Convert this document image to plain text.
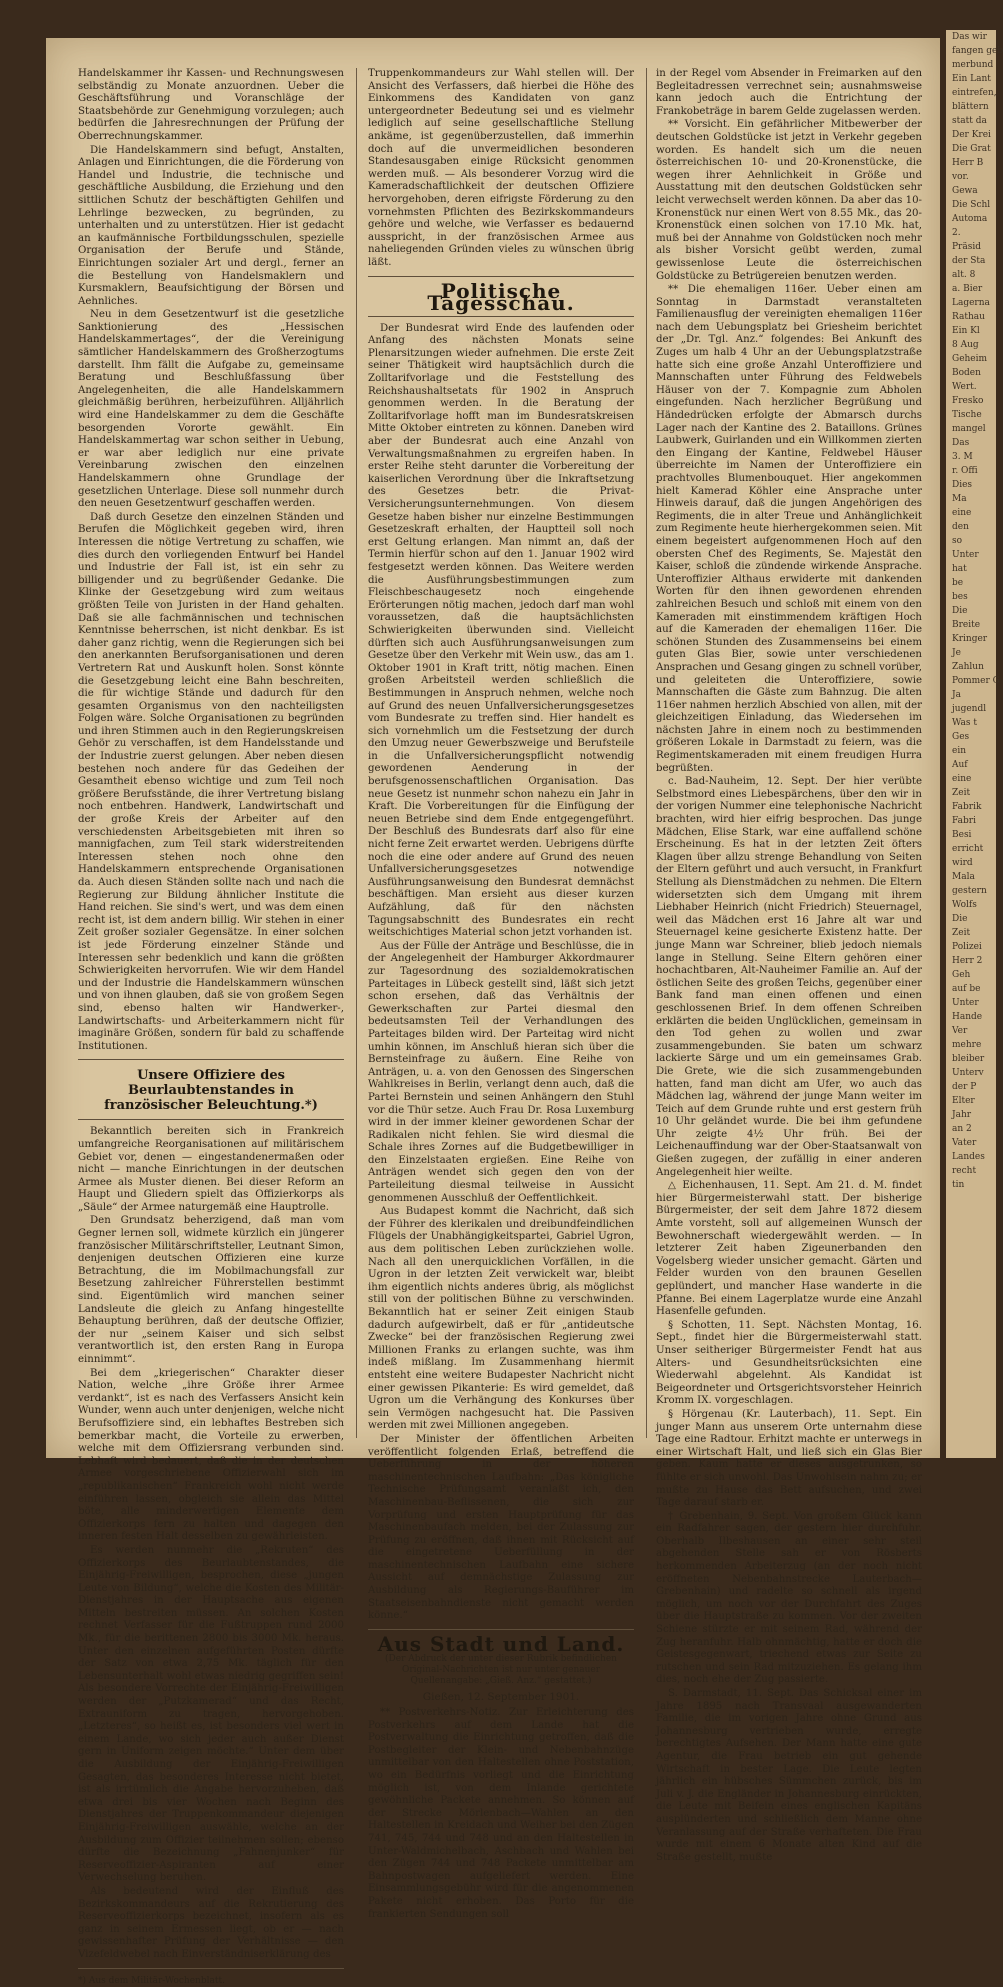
Handelskammer ihr Kassen- und Rechnungswesen selbständig zu Monate anzuordnen. Ueber die Geschäftsführung und Voranschläge der Staatsbehörde zur Genehmigung vorzulegen; auch bedürfen die Jahresrechnungen der Prüfung der Oberrechnungskammer.

Die Handelskammern sind befugt, Anstalten, Anlagen und Einrichtungen, die die Förderung von Handel und Industrie, die technische und geschäftliche Ausbildung, die Erziehung und den sittlichen Schutz der beschäftigten Gehilfen und Lehrlinge bezwecken, zu begründen, zu unterhalten und zu unterstützen. Hier ist gedacht an kaufmännische Fortbildungsschulen, spezielle Organisation der Berufe und Stände, Einrichtungen sozialer Art und dergl., ferner an die Bestellung von Handelsmaklern und Kursmaklern, Beaufsichtigung der Börsen und Aehnliches.

Neu in dem Gesetzentwurf ist die gesetzliche Sanktionierung des „Hessischen Handelskammertages“, der die Vereinigung sämtlicher Handelskammern des Großherzogtums darstellt. Ihm fällt die Aufgabe zu, gemeinsame Beratung und Beschlußfassung über Angelegenheiten, die alle Handelskammern gleichmäßig berühren, herbeizuführen. Alljährlich wird eine Handelskammer zu dem die Geschäfte besorgenden Vororte gewählt. Ein Handelskammertag war schon seither in Uebung, er war aber lediglich nur eine private Vereinbarung zwischen den einzelnen Handelskammern ohne Grundlage der gesetzlichen Unterlage. Diese soll nunmehr durch den neuen Gesetzentwurf geschaffen werden.

Daß durch Gesetze den einzelnen Ständen und Berufen die Möglichkeit gegeben wird, ihren Interessen die nötige Vertretung zu schaffen, wie dies durch den vorliegenden Entwurf bei Handel und Industrie der Fall ist, ist ein sehr zu billigender und zu begrüßender Gedanke. Die Klinke der Gesetzgebung wird zum weitaus größten Teile von Juristen in der Hand gehalten. Daß sie alle fachmännischen und technischen Kenntnisse beherrschen, ist nicht denkbar. Es ist daher ganz richtig, wenn die Regierungen sich bei den anerkannten Berufsorganisationen und deren Vertretern Rat und Auskunft holen. Sonst könnte die Gesetzgebung leicht eine Bahn beschreiten, die für wichtige Stände und dadurch für den gesamten Organismus von den nachteiligsten Folgen wäre. Solche Organisationen zu begründen und ihren Stimmen auch in den Regierungskreisen Gehör zu verschaffen, ist dem Handelsstande und der Industrie zuerst gelungen. Aber neben diesen bestehen noch andere für das Gedeihen der Gesamtheit ebenso wichtige und zum Teil noch größere Berufsstände, die ihrer Vertretung bislang noch entbehren. Handwerk, Landwirtschaft und der große Kreis der Arbeiter auf den verschiedensten Arbeitsgebieten mit ihren so mannigfachen, zum Teil stark widerstreitenden Interessen stehen noch ohne den Handelskammern entsprechende Organisationen da. Auch diesen Ständen sollte nach und nach die Regierung zur Bildung ähnlicher Institute die Hand reichen. Sie sind's wert, und was dem einen recht ist, ist dem andern billig. Wir stehen in einer Zeit großer sozialer Gegensätze. In einer solchen ist jede Förderung einzelner Stände und Interessen sehr bedenklich und kann die größten Schwierigkeiten hervorrufen. Wie wir dem Handel und der Industrie die Handelskammern wünschen und von ihnen glauben, daß sie von großem Segen sind, ebenso halten wir Handwerker-, Landwirtschafts- und Arbeiterkammern nicht für imaginäre Größen, sondern für bald zu schaffende Institutionen.

Unsere Offiziere des Beurlaubtenstandes in französischer Beleuchtung.*)

Bekanntlich bereiten sich in Frankreich umfangreiche Reorganisationen auf militärischem Gebiet vor, denen — eingestandenermaßen oder nicht — manche Einrichtungen in der deutschen Armee als Muster dienen. Bei dieser Reform an Haupt und Gliedern spielt das Offizierkorps als „Säule“ der Armee naturgemäß eine Hauptrolle.

Den Grundsatz beherzigend, daß man vom Gegner lernen soll, widmete kürzlich ein jüngerer französischer Militärschriftsteller, Leutnant Simon, denjenigen deutschen Offizieren eine kurze Betrachtung, die im Mobilmachungsfall zur Besetzung zahlreicher Führerstellen bestimmt sind. Eigentümlich wird manchen seiner Landsleute die gleich zu Anfang hingestellte Behauptung berühren, daß der deutsche Offizier, der nur „seinem Kaiser und sich selbst verantwortlich ist, den ersten Rang in Europa einnimmt“.

Bei dem „kriegerischen“ Charakter dieser Nation, welche „ihre Größe ihrer Armee verdankt“, ist es nach des Verfassers Ansicht kein Wunder, wenn auch unter denjenigen, welche nicht Berufsoffiziere sind, ein lebhaftes Bestreben sich bemerkbar macht, die Vorteile zu erwerben, welche mit dem Offiziersrang verbunden sind. Lebhaft wird bedauert, daß die in der deutschen Armee vorgeschriebene Offizierwahl sich im „republikanischen“ Frankreich wohl nicht werde einführen lassen, obgleich sie allein das Mittel böte, alle minderwertigen Elemente dem Offizierkorps fern zu halten und dagegen den inneren festen Halt desselben zu gewährleisten.

Es werden nunmehr die „Rekruten“ des Offizierkorps des Beurlaubtenstandes, die Einjährig-Freiwilligen, besprochen, diese „jungen Leute von Bildung“, welche die Kosten des Militär-Dienstjahres in der Hauptsache aus eigenen Mitteln bestreiten müssen. An solchen Kosten rechnet Verfasser für die Fußtruppen rund 2000 Mk., für die berittenen 2800 bis 3000 Mk. heraus. Unter den einzelnen aufgeführten Posten dürfte der Satz von etwa 2,75 Mk. täglich für den Lebensunterhalt wohl etwas niedrig gegriffen sein! Als besondere Vorrechte der Einjährig-Freiwilligen werden der „Putzkamerad“ und das Recht, Extrauniform zu tragen, hervorgehoben. „Letzteres“, so heißt es, ist besonders viel wert in einem Lande, wo sich jeder auch außer Dienst gern in Uniform zeigen möchte.“ Unter dem über die Ausbildung der Einjährig-Freiwilligen Gesagten, das besonderes Interesse nicht bietet, ist als irrtümlich die Angabe hervorzuheben, daß etwa drei bis vier Wochen nach Beginn des Dienstjahres der Truppenkommandeur diejenigen Einjährig-Freiwilligen auswähle, welche an der Ausbildung zum Offizier teilnehmen sollen; ebenso dürfte die Bezeichnung „Fahnenjunker“ für Reserveoffizier-Aspiranten auf einer Verwechselung beruhen.

Als bedeutend wird der Einfluß des Bezirkskommandeurs auf die Rekrutierung des Reserveoffizierkorps bezeichnet, insofern als es ganz in seinem Ermessen liegt, ob er — nach gewissenhafter Prüfung der Verhältnisse — den Vizefeldwebel nach Einverständniserklärung des

*) Aus dem Militär-Wochenblatt.

Truppenkommandeurs zur Wahl stellen will. Der Ansicht des Verfassers, daß hierbei die Höhe des Einkommens des Kandidaten von ganz untergeordneter Bedeutung sei und es vielmehr lediglich auf seine gesellschaftliche Stellung ankäme, ist gegenüberzustellen, daß immerhin doch auf die unvermeidlichen besonderen Standesausgaben einige Rücksicht genommen werden muß. — Als besonderer Vorzug wird die Kameradschaftlichkeit der deutschen Offiziere hervorgehoben, deren eifrigste Förderung zu den vornehmsten Pflichten des Bezirkskommandeurs gehöre und welche, wie Verfasser es bedauernd ausspricht, in der französischen Armee aus naheliegenden Gründen vieles zu wünschen übrig läßt.

Politische Tagesschau.

Der Bundesrat wird Ende des laufenden oder Anfang des nächsten Monats seine Plenarsitzungen wieder aufnehmen. Die erste Zeit seiner Thätigkeit wird hauptsächlich durch die Zolltarifvorlage und die Feststellung des Reichshaushaltsetats für 1902 in Anspruch genommen werden. In die Beratung der Zolltarifvorlage hofft man im Bundesratskreisen Mitte Oktober eintreten zu können. Daneben wird aber der Bundesrat auch eine Anzahl von Verwaltungsmaßnahmen zu ergreifen haben. In erster Reihe steht darunter die Vorbereitung der kaiserlichen Verordnung über die Inkraftsetzung des Gesetzes betr. die Privat-Versicherungsunternehmungen. Von diesem Gesetze haben bisher nur einzelne Bestimmungen Gesetzeskraft erhalten, der Hauptteil soll noch erst Geltung erlangen. Man nimmt an, daß der Termin hierfür schon auf den 1. Januar 1902 wird festgesetzt werden können. Das Weitere werden die Ausführungsbestimmungen zum Fleischbeschaugesetz noch eingehende Erörterungen nötig machen, jedoch darf man wohl voraussetzen, daß die hauptsächlichsten Schwierigkeiten überwunden sind. Vielleicht dürften sich auch Ausführungsanweisungen zum Gesetze über den Verkehr mit Wein usw., das am 1. Oktober 1901 in Kraft tritt, nötig machen. Einen großen Arbeitsteil werden schließlich die Bestimmungen in Anspruch nehmen, welche noch auf Grund des neuen Unfallversicherungsgesetzes vom Bundesrate zu treffen sind. Hier handelt es sich vornehmlich um die Festsetzung der durch den Umzug neuer Gewerbszweige und Berufsteile in die Unfallversicherungspflicht notwendig gewordenen Aenderung in der berufsgenossenschaftlichen Organisation. Das neue Gesetz ist nunmehr schon nahezu ein Jahr in Kraft. Die Vorbereitungen für die Einfügung der neuen Betriebe sind dem Ende entgegengeführt. Der Beschluß des Bundesrats darf also für eine nicht ferne Zeit erwartet werden. Uebrigens dürfte noch die eine oder andere auf Grund des neuen Unfallversicherungsgesetzes notwendige Ausführungsanweisung den Bundesrat demnächst beschäftigen. Man ersieht aus dieser kurzen Aufzählung, daß für den nächsten Tagungsabschnitt des Bundesrates ein recht weitschichtiges Material schon jetzt vorhanden ist.

Aus der Fülle der Anträge und Beschlüsse, die in der Angelegenheit der Hamburger Akkordmaurer zur Tagesordnung des sozialdemokratischen Parteitages in Lübeck gestellt sind, läßt sich jetzt schon ersehen, daß das Verhältnis der Gewerkschaften zur Partei diesmal den bedeutsamsten Teil der Verhandlungen des Parteitages bilden wird. Der Parteitag wird nicht umhin können, im Anschluß hieran sich über die Bernsteinfrage zu äußern. Eine Reihe von Anträgen, u. a. von den Genossen des Singerschen Wahlkreises in Berlin, verlangt denn auch, daß die Partei Bernstein und seinen Anhängern den Stuhl vor die Thür setze. Auch Frau Dr. Rosa Luxemburg wird in der immer kleiner gewordenen Schar der Radikalen nicht fehlen. Sie wird diesmal die Schale ihres Zornes auf die Budgetbewilliger in den Einzelstaaten ergießen. Eine Reihe von Anträgen wendet sich gegen den von der Parteileitung diesmal teilweise in Aussicht genommenen Ausschluß der Oeffentlichkeit.

Aus Budapest kommt die Nachricht, daß sich der Führer des klerikalen und dreibundfeindlichen Flügels der Unabhängigkeitspartei, Gabriel Ugron, aus dem politischen Leben zurückziehen wolle. Nach all den unerquicklichen Vorfällen, in die Ugron in der letzten Zeit verwickelt war, bleibt ihm eigentlich nichts anderes übrig, als möglichst still von der politischen Bühne zu verschwinden. Bekanntlich hat er seiner Zeit einigen Staub dadurch aufgewirbelt, daß er für „antideutsche Zwecke“ bei der französischen Regierung zwei Millionen Franks zu erlangen suchte, was ihm indeß mißlang. Im Zusammenhang hiermit entsteht eine weitere Budapester Nachricht nicht einer gewissen Pikanterie: Es wird gemeldet, daß Ugron um die Verhängung des Konkurses über sein Vermögen nachgesucht hat. Die Passiven werden mit zwei Millionen angegeben.

Der Minister der öffentlichen Arbeiten veröffentlicht folgenden Erlaß, betreffend die Ueberführung in der höheren maschinentechnischen Laufbahn: „Das königliche Technische Prüfungsamt veranlaßt ich, den Maschinenbau-Beflissenen, die sich zur Vorprüfung und ersten Hauptprüfung für das Maschinenbaufach melden, bei der Zulassung zur Prüfung zu eröffnen, daß ihnen mit Rücksicht auf die eingetretene Ueberfüllung in der maschinentechnischen Laufbahn eine sichere Aussicht auf demnächstige Zulassung zur Ausbildung als Regierungs-Bauführer im Staatseisenbahndienste nicht gemacht werden könne.“

Aus Stadt und Land.
(Der Abdruck der unter dieser Rubrik befindlichen Original-Nachrichten ist nur unter genauer Quellenangabe: „Gieß. Anz.“ gestattet.)
Gießen, 12. September 1901.

** Postverkehrs-Notiz. Zur Erleichterung des Postverkehrs auf dem Lande hat die Postverwaltung die Einrichtung getroffen, daß die Postbegleiter der Klein- und Nebenbahnzüge unmittelbar von den Haltestellen ohne Poststation, wo ein Bedürfnis vorliegt und die Einrichtung möglich ist, von dem Inlande gerichtete gewöhnliche Packete annehmen. So können auf der Strecke Mörlenbach—Wahlen an den Haltestellen in Kreidach und Weiher bei den Zügen 741, 745, 744 und 748 und an den Haltestellen in Unter-Waldmichelbach, Aschbach und Wahlen bei den Zügen 744 und 748 Packete unmittelbar am Bahnpostwagen aufgeliefert werden. Eine Einsammlungsgebühr wird für die angenommenen Pakete nicht erhoben. Das Porto für die frankierten Sendungen soll

in der Regel vom Absender in Freimarken auf den Begleitadressen verrechnet sein; ausnahmsweise kann jedoch auch die Entrichtung der Frankobeträge in barem Gelde zugelassen werden.

** Vorsicht. Ein gefährlicher Mitbewerber der deutschen Goldstücke ist jetzt in Verkehr gegeben worden. Es handelt sich um die neuen österreichischen 10- und 20-Kronenstücke, die wegen ihrer Aehnlichkeit in Größe und Ausstattung mit den deutschen Goldstücken sehr leicht verwechselt werden können. Da aber das 10-Kronenstück nur einen Wert von 8.55 Mk., das 20-Kronenstück einen solchen von 17.10 Mk. hat, muß bei der Annahme von Goldstücken noch mehr als bisher Vorsicht geübt werden, zumal gewissenlose Leute die österreichischen Goldstücke zu Betrügereien benutzen werden.

** Die ehemaligen 116er. Ueber einen am Sonntag in Darmstadt veranstalteten Familienausflug der vereinigten ehemaligen 116er nach dem Uebungsplatz bei Griesheim berichtet der „Dr. Tgl. Anz.“ folgendes: Bei Ankunft des Zuges um halb 4 Uhr an der Uebungsplatzstraße hatte sich eine große Anzahl Unteroffiziere und Mannschaften unter Führung des Feldwebels Häuser von der 7. Kompagnie zum Abholen eingefunden. Nach herzlicher Begrüßung und Händedrücken erfolgte der Abmarsch durchs Lager nach der Kantine des 2. Bataillons. Grünes Laubwerk, Guirlanden und ein Willkommen zierten den Eingang der Kantine, Feldwebel Häuser überreichte im Namen der Unteroffiziere ein prachtvolles Blumenbouquet. Hier angekommen hielt Kamerad Köhler eine Ansprache unter Hinweis darauf, daß die jungen Angehörigen des Regiments, die in alter Treue und Anhänglichkeit zum Regimente heute hierhergekommen seien. Mit einem begeistert aufgenommenen Hoch auf den obersten Chef des Regiments, Se. Majestät den Kaiser, schloß die zündende wirkende Ansprache. Unteroffizier Althaus erwiderte mit dankenden Worten für den ihnen gewordenen ehrenden zahlreichen Besuch und schloß mit einem von den Kameraden mit einstimmendem kräftigen Hoch auf die Kameraden der ehemaligen 116er. Die schönen Stunden des Zusammenseins bei einem guten Glas Bier, sowie unter verschiedenen Ansprachen und Gesang gingen zu schnell vorüber, und geleiteten die Unteroffiziere, sowie Mannschaften die Gäste zum Bahnzug. Die alten 116er nahmen herzlich Abschied von allen, mit der gleichzeitigen Einladung, das Wiedersehen im nächsten Jahre in einem noch zu bestimmenden größeren Lokale in Darmstadt zu feiern, was die Regimentskameraden mit einem freudigen Hurra begrüßten.

c. Bad-Nauheim, 12. Sept. Der hier verübte Selbstmord eines Liebespärchens, über den wir in der vorigen Nummer eine telephonische Nachricht brachten, wird hier eifrig besprochen. Das junge Mädchen, Elise Stark, war eine auffallend schöne Erscheinung. Es hat in der letzten Zeit öfters Klagen über allzu strenge Behandlung von Seiten der Eltern geführt und auch versucht, in Frankfurt Stellung als Dienstmädchen zu nehmen. Die Eltern widersetzten sich dem Umgang mit ihrem Liebhaber Heinrich (nicht Friedrich) Steuernagel, weil das Mädchen erst 16 Jahre alt war und Steuernagel keine gesicherte Existenz hatte. Der junge Mann war Schreiner, blieb jedoch niemals lange in Stellung. Seine Eltern gehören einer hochachtbaren, Alt-Nauheimer Familie an. Auf der östlichen Seite des großen Teichs, gegenüber einer Bank fand man einen offenen und einen geschlossenen Brief. In dem offenen Schreiben erklärten die beiden Unglücklichen, gemeinsam in den Tod gehen zu wollen und zwar zusammengebunden. Sie baten um schwarz lackierte Särge und um ein gemeinsames Grab. Die Grete, wie die sich zusammengebunden hatten, fand man dicht am Ufer, wo auch das Mädchen lag, während der junge Mann weiter im Teich auf dem Grunde ruhte und erst gestern früh 10 Uhr geländet wurde. Die bei ihm gefundene Uhr zeigte 4½ Uhr früh. Bei der Leichenauffindung war der Ober-Staatsanwalt von Gießen zugegen, der zufällig in einer anderen Angelegenheit hier weilte.

△ Eichenhausen, 11. Sept. Am 21. d. M. findet hier Bürgermeisterwahl statt. Der bisherige Bürgermeister, der seit dem Jahre 1872 diesem Amte vorsteht, soll auf allgemeinen Wunsch der Bewohnerschaft wiedergewählt werden. — In letzterer Zeit haben Zigeunerbanden den Vogelsberg wieder unsicher gemacht. Gärten und Felder wurden von den braunen Gesellen geplündert, und mancher Hase wanderte in die Pfanne. Bei einem Lagerplatze wurde eine Anzahl Hasenfelle gefunden.

§ Schotten, 11. Sept. Nächsten Montag, 16. Sept., findet hier die Bürgermeisterwahl statt. Unser seitheriger Bürgermeister Fendt hat aus Alters- und Gesundheitsrücksichten eine Wiederwahl abgelehnt. Als Kandidat ist Beigeordneter und Ortsgerichtsvorsteher Heinrich Kromm IX. vorgeschlagen.

§ Hörgenau (Kr. Lauterbach), 11. Sept. Ein junger Mann aus unserem Orte unternahm diese Tage eine Radtour. Erhitzt machte er unterwegs in einer Wirtschaft Halt, und ließ sich ein Glas Bier geben. Kaum hatte er dieses ausgetrunken, so fühlte er sich unwohl. Das Unwohlsein nahm zu; er mußte zu Hause das Bett aufsuchen, und zwei Tage darauf starb er.

† Grebenhain, 9. Sept. Von großem Glück kann ein Radfahrer sagen, der gestern hier durchfuhr. Oberhalb Ilbeshausen an einer sehr steil abgehenden Stelle sah er von Rösberts herkommenden Arbeiterzug (an der noch nicht eröffneten Nebenbahnstrecke Lauterbach—Grebenhain) und radelte so schnell als irgend möglich, um noch vor der Durchfahrt des Zuges über die Hauptstraße zu kommen. Vor der zweiten Schiene stürzte er mit seinem Rad, während der Zug heranfuhr. Halb ohnmächtig, hatte er doch die Geistesgegenwart, triechend etwas zur Seite zu rutschen und sein Rad mitzuziehen. Es gelang ihm dies, noch ehe der Zug passierte.

S. Darmstadt, 11. Sept. Das Schicksal einer im Jahre 1895 nach Transvaal ausgewanderten Familie, die im vorigen Jahre ohne Grund aus Johannesburg vertrieben wurde, erregte berechtigtes Aufsehen. Der Mann hatte eine gute Agentur, die Frau betrieb ein gut gehende Wirtschaft in bester Lage. Die Leute legten jährlich ein hübsches Sümmchen zurück, bis im Juli v. J. die Engländer in Johannesburg einrückten, die Leute mit Beifein eines englischen Kapitäns ausplünderten und schließlich dem Manne ohne Veranlassung auf der Straße verhafteten. Die Frau wurde mit einem 6 Monate alten Kind auf die Straße gestellt, mußte

Das wir

fangen geb

merbund

Ein Lant

eintrefen,

blättern

statt da

Der Krei

Die Grat

Herr B

vor.

Gewa

Die Schl

Automa

2.

Präsid

der Sta

alt. 8

a. Bier

Lagerna

Rathau

Ein Kl

8 Aug

Geheim

Boden

Wert.

Fresko

Tische

mangel

Das

3. M

r. Offi

Dies

Ma

eine

den

so

Unter

hat

be

bes

Die

Breite

Kringer

Je

Zahlun

Pommer G

Ja

jugendl

Was t

Ges

ein

Auf

eine

Zeit

Fabrik

Fabri

Besi

erricht

wird

Mala

gestern

Wolfs

Die

Zeit

Polizei

Herr 2

Geh

auf be

Unter

Hande

Ver

mehre

bleiber

Unterv

der P

Elter

Jahr

an 2

Vater

Landes

recht

tin
